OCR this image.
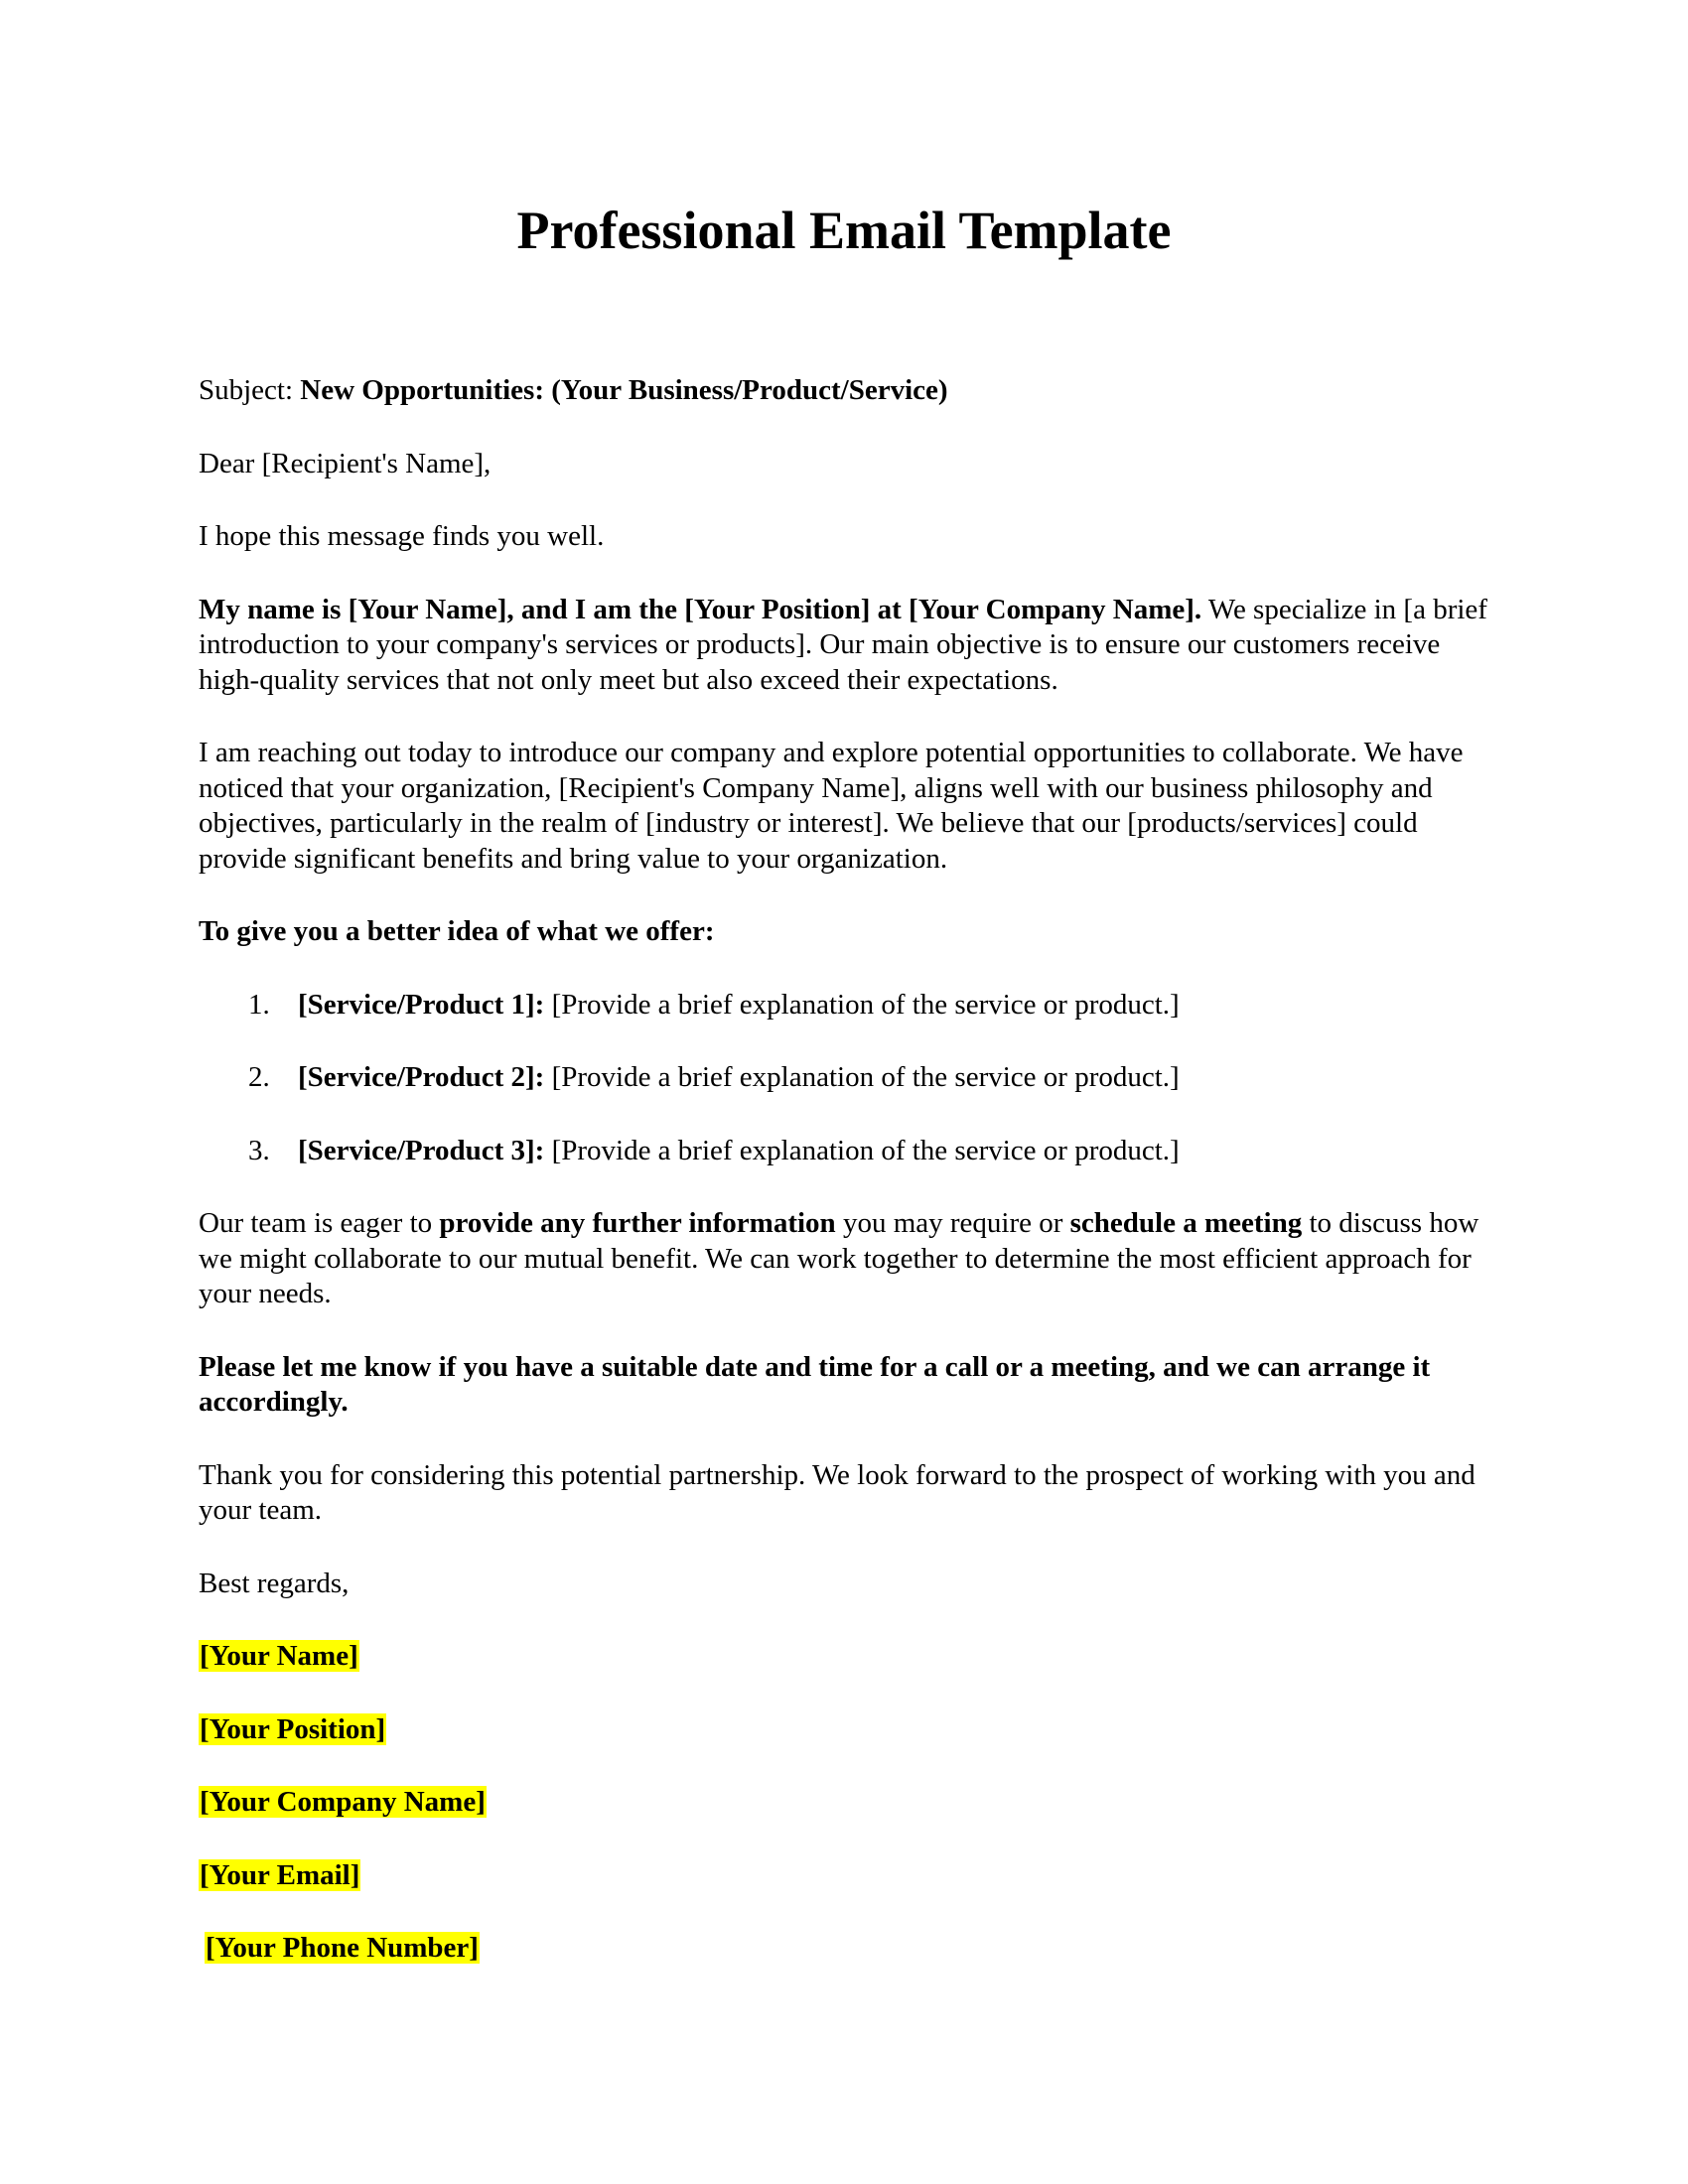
Professional Email Template

Subject: New Opportunities: (Your Business/Product/Service)

Dear [Recipient's Name],

I hope this message finds you well.

My name is [Your Name], and I am the [Your Position] at [Your Company Name]. We specialize in [a brief introduction to your company's services or products]. Our main objective is to ensure our customers receive high-quality services that not only meet but also exceed their expectations.

I am reaching out today to introduce our company and explore potential opportunities to collaborate. We have noticed that your organization, [Recipient's Company Name], aligns well with our business philosophy and objectives, particularly in the realm of [industry or interest]. We believe that our [products/services] could provide significant benefits and bring value to your organization.

To give you a better idea of what we offer:

1. [Service/Product 1]: [Provide a brief explanation of the service or product.]
2. [Service/Product 2]: [Provide a brief explanation of the service or product.]
3. [Service/Product 3]: [Provide a brief explanation of the service or product.]

Our team is eager to provide any further information you may require or schedule a meeting to discuss how we might collaborate to our mutual benefit. We can work together to determine the most efficient approach for your needs.

Please let me know if you have a suitable date and time for a call or a meeting, and we can arrange it accordingly.

Thank you for considering this potential partnership. We look forward to the prospect of working with you and your team.

Best regards,

[Your Name]

[Your Position]

[Your Company Name]

[Your Email]

[Your Phone Number]
